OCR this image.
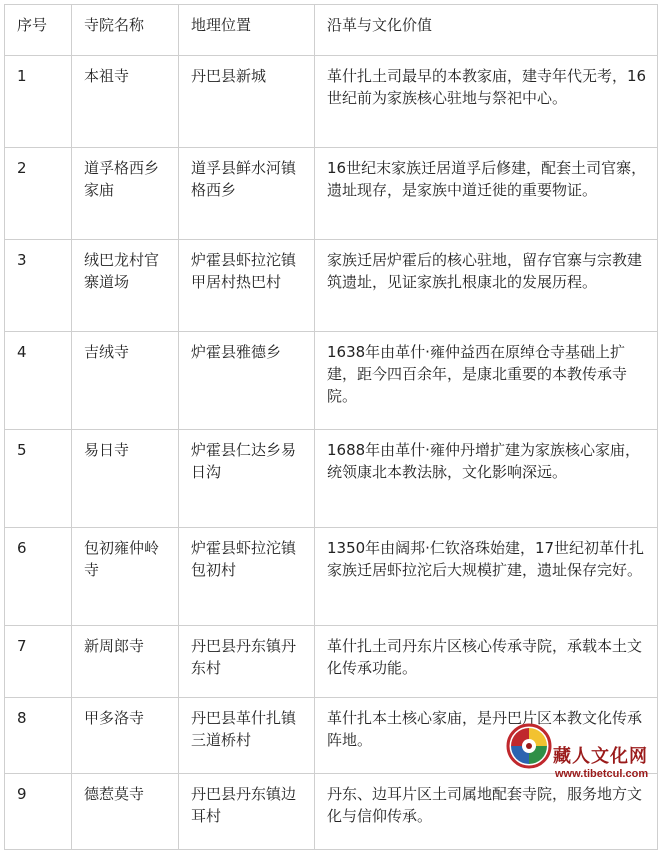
序号	寺院名称	地理位置	沿革与文化价值
1	本祖寺	丹巴县新城	革什扎土司最早的本教家庙，建寺年代无考，16世纪前为家族核心驻地与祭祀中心。
2	道孚格西乡家庙	道孚县鲜水河镇格西乡	16世纪末家族迁居道孚后修建，配套土司官寨，遗址现存，是家族中道迁徙的重要物证。
3	绒巴龙村官寨道场	炉霍县虾拉沱镇甲居村热巴村	家族迁居炉霍后的核心驻地，留存官寨与宗教建筑遗址，见证家族扎根康北的发展历程。
4	吉绒寺	炉霍县雅德乡	1638年由革什·雍仲益西在原绰仓寺基础上扩建，距今四百余年，是康北重要的本教传承寺院。
5	易日寺	炉霍县仁达乡易日沟	1688年由革什·雍仲丹增扩建为家族核心家庙，统领康北本教法脉，文化影响深远。
6	包初雍仲岭寺	炉霍县虾拉沱镇包初村	1350年由阔邦·仁钦洛珠始建，17世纪初革什扎家族迁居虾拉沱后大规模扩建，遗址保存完好。
7	新周郎寺	丹巴县丹东镇丹东村	革什扎土司丹东片区核心传承寺院，承载本土文化传承功能。
8	甲多洛寺	丹巴县革什扎镇三道桥村	革什扎本土核心家庙，是丹巴片区本教文化传承阵地。
9	德惹莫寺	丹巴县丹东镇边耳村	丹东、边耳片区土司属地配套寺院，服务地方文化与信仰传承。
藏人文化网
www.tibetcul.com
